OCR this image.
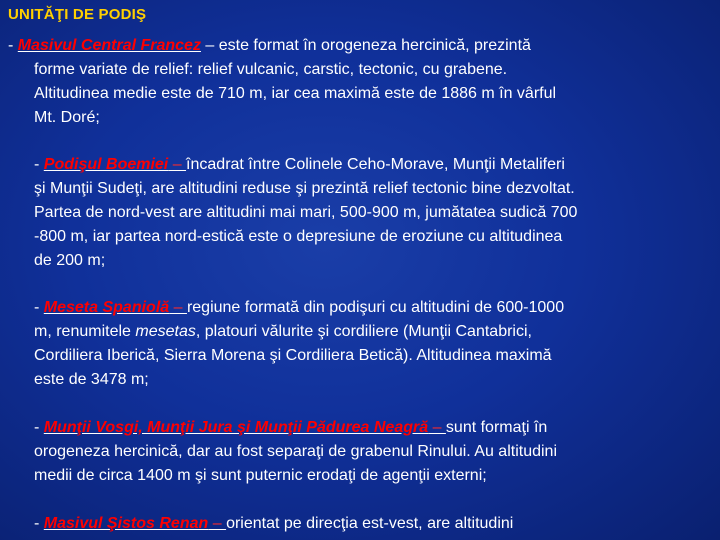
UNITĂŢI DE PODIŞ
- Masivul Central Francez – este format în orogeneza hercinică, prezintă
forme variate de relief: relief vulcanic, carstic, tectonic, cu grabene.
Altitudinea medie este de 710 m, iar cea maximă este de 1886 m în vârful
Mt. Doré;
- Podişul Boemiei – încadrat între Colinele Ceho-Morave, Munţii Metaliferi
şi Munţii Sudeţi, are altitudini reduse şi prezintă relief tectonic bine dezvoltat.
Partea de nord-vest are altitudini mai mari, 500-900 m, jumătatea sudică 700
-800 m, iar partea nord-estică este o depresiune de eroziune cu altitudinea
de 200 m;
- Meseta Spaniolă – regiune formată din podişuri cu altitudini de 600-1000
m, renumitele mesetas, platouri vălurite şi cordiliere (Munţii Cantabrici,
Cordiliera Iberică, Sierra Morena şi Cordiliera Betică). Altitudinea maximă
este de 3478 m;
- Munţii Vosgi, Munţii Jura şi Munţii Pădurea Neagră – sunt formaţi în
orogeneza hercinică, dar au fost separaţi de grabenul Rinului. Au altitudini
medii de circa 1400 m şi sunt puternic erodaţi de agenţii externi;
- Masivul Şistos Renan – orientat pe direcţia est-vest, are altitudini
